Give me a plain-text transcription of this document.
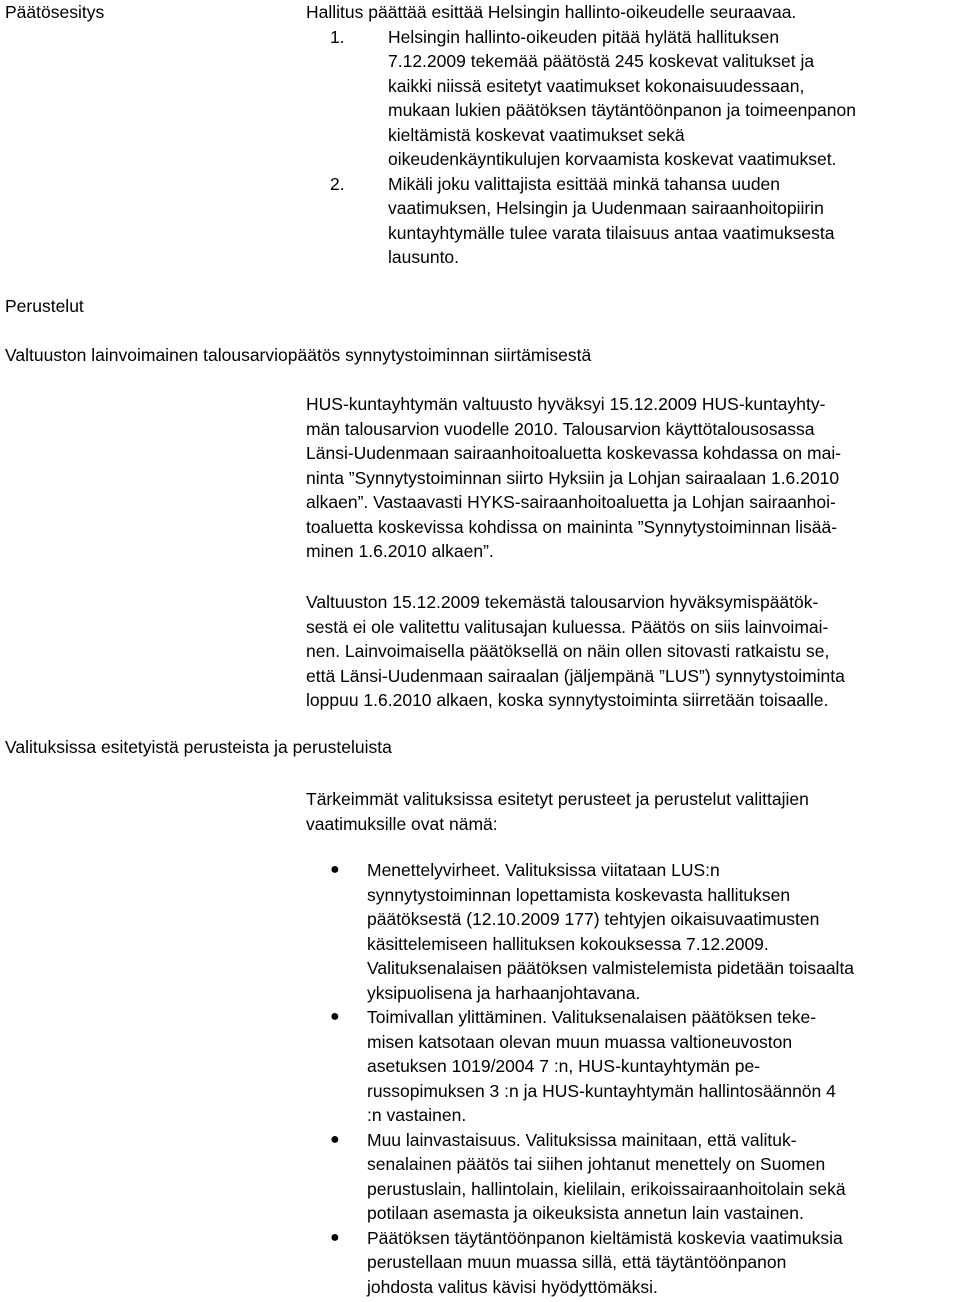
Päätösesitys
Perustelut
Valtuuston lainvoimainen talousarviopäätös synnytystoiminnan siirtämisestä
Valituksissa esitetyistä perusteista ja perusteluista
Hallitus päättää esittää Helsingin hallinto-oikeudelle seuraavaa.
1. Helsingin hallinto-oikeuden pitää hylätä hallituksen
7.12.2009 tekemää päätöstä 245 koskevat valitukset ja
kaikki niissä esitetyt vaatimukset kokonaisuudessaan,
mukaan lukien päätöksen täytäntöönpanon ja toimeenpanon
kieltämistä koskevat vaatimukset sekä
oikeudenkäyntikulujen korvaamista koskevat vaatimukset.
2. Mikäli joku valittajista esittää minkä tahansa uuden
vaatimuksen, Helsingin ja Uudenmaan sairaanhoitopiirin
kuntayhtymälle tulee varata tilaisuus antaa vaatimuksesta
lausunto.
HUS-kuntayhtymän valtuusto hyväksyi 15.12.2009 HUS-kuntayhty-
män talousarvion vuodelle 2010. Talousarvion käyttötalousosassa
Länsi-Uudenmaan sairaanhoitoaluetta koskevassa kohdassa on mai-
ninta ”Synnytystoiminnan siirto Hyksiin ja Lohjan sairaalaan 1.6.2010
alkaen”. Vastaavasti HYKS-sairaanhoitoaluetta ja Lohjan sairaanhoi-
toaluetta koskevissa kohdissa on maininta ”Synnytystoiminnan lisää-
minen 1.6.2010 alkaen”.
Valtuuston 15.12.2009 tekemästä talousarvion hyväksymispäätök-
sestä ei ole valitettu valitusajan kuluessa. Päätös on siis lainvoimai-
nen. Lainvoimaisella päätöksellä on näin ollen sitovasti ratkaistu se,
että Länsi-Uudenmaan sairaalan (jäljempänä ”LUS”) synnytystoiminta
loppuu 1.6.2010 alkaen, koska synnytystoiminta siirretään toisaalle.
Tärkeimmät valituksissa esitetyt perusteet ja perustelut valittajien
vaatimuksille ovat nämä:
●	Menettelyvirheet. Valituksissa viitataan LUS:n
synnytystoiminnan lopettamista koskevasta hallituksen
päätöksestä (12.10.2009 177) tehtyjen oikaisuvaatimusten
käsittelemiseen hallituksen kokouksessa 7.12.2009.
Valituksenalaisen päätöksen valmistelemista pidetään toisaalta
yksipuolisena ja harhaanjohtavana.
●	Toimivallan ylittäminen. Valituksenalaisen päätöksen teke-
misen katsotaan olevan muun muassa valtioneuvoston
asetuksen 1019/2004 7 :n, HUS-kuntayhtymän pe-
russopimuksen 3 :n ja HUS-kuntayhtymän hallintosäännön 4
:n vastainen.
●	Muu lainvastaisuus. Valituksissa mainitaan, että valituk-
senalainen päätös tai siihen johtanut menettely on Suomen
perustuslain, hallintolain, kielilain, erikoissairaanhoitolain sekä
potilaan asemasta ja oikeuksista annetun lain vastainen.
●	Päätöksen täytäntöönpanon kieltämistä koskevia vaatimuksia
perustellaan muun muassa sillä, että täytäntöönpanon
johdosta valitus kävisi hyödyttömäksi.
